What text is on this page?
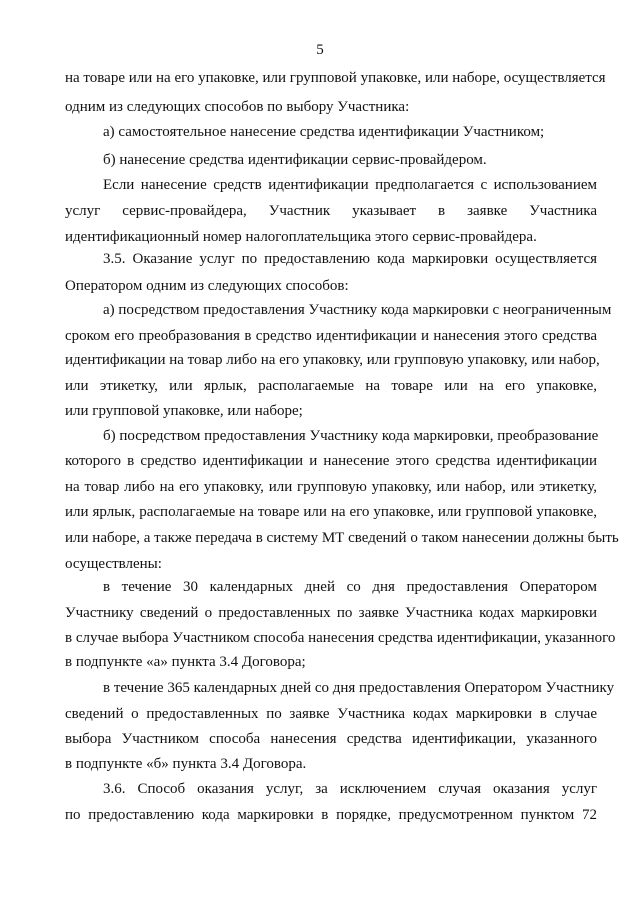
5
на товаре или на его упаковке, или групповой упаковке, или наборе, осуществляется
одним из следующих способов по выбору Участника:
а) самостоятельное нанесение средства идентификации Участником;
б) нанесение средства идентификации сервис-провайдером.
Если нанесение средств идентификации предполагается с использованием
услуг сервис-провайдера, Участник указывает в заявке Участника
идентификационный номер налогоплательщика этого сервис-провайдера.
3.5. Оказание услуг по предоставлению кода маркировки осуществляется
Оператором одним из следующих способов:
а) посредством предоставления Участнику кода маркировки с неограниченным
сроком его преобразования в средство идентификации и нанесения этого средства
идентификации на товар либо на его упаковку, или групповую упаковку, или набор,
или этикетку, или ярлык, располагаемые на товаре или на его упаковке,
или групповой упаковке, или наборе;
б) посредством предоставления Участнику кода маркировки, преобразование
которого в средство идентификации и нанесение этого средства идентификации
на товар либо на его упаковку, или групповую упаковку, или набор, или этикетку,
или ярлык, располагаемые на товаре или на его упаковке, или групповой упаковке,
или наборе, а также передача в систему МТ сведений о таком нанесении должны быть
осуществлены:
в течение 30 календарных дней со дня предоставления Оператором
Участнику сведений о предоставленных по заявке Участника кодах маркировки
в случае выбора Участником способа нанесения средства идентификации, указанного
в подпункте «а» пункта 3.4 Договора;
в течение 365 календарных дней со дня предоставления Оператором Участнику
сведений о предоставленных по заявке Участника кодах маркировки в случае
выбора Участником способа нанесения средства идентификации, указанного
в подпункте «б» пункта 3.4 Договора.
3.6. Способ оказания услуг, за исключением случая оказания услуг
по предоставлению кода маркировки в порядке, предусмотренном пунктом 72
